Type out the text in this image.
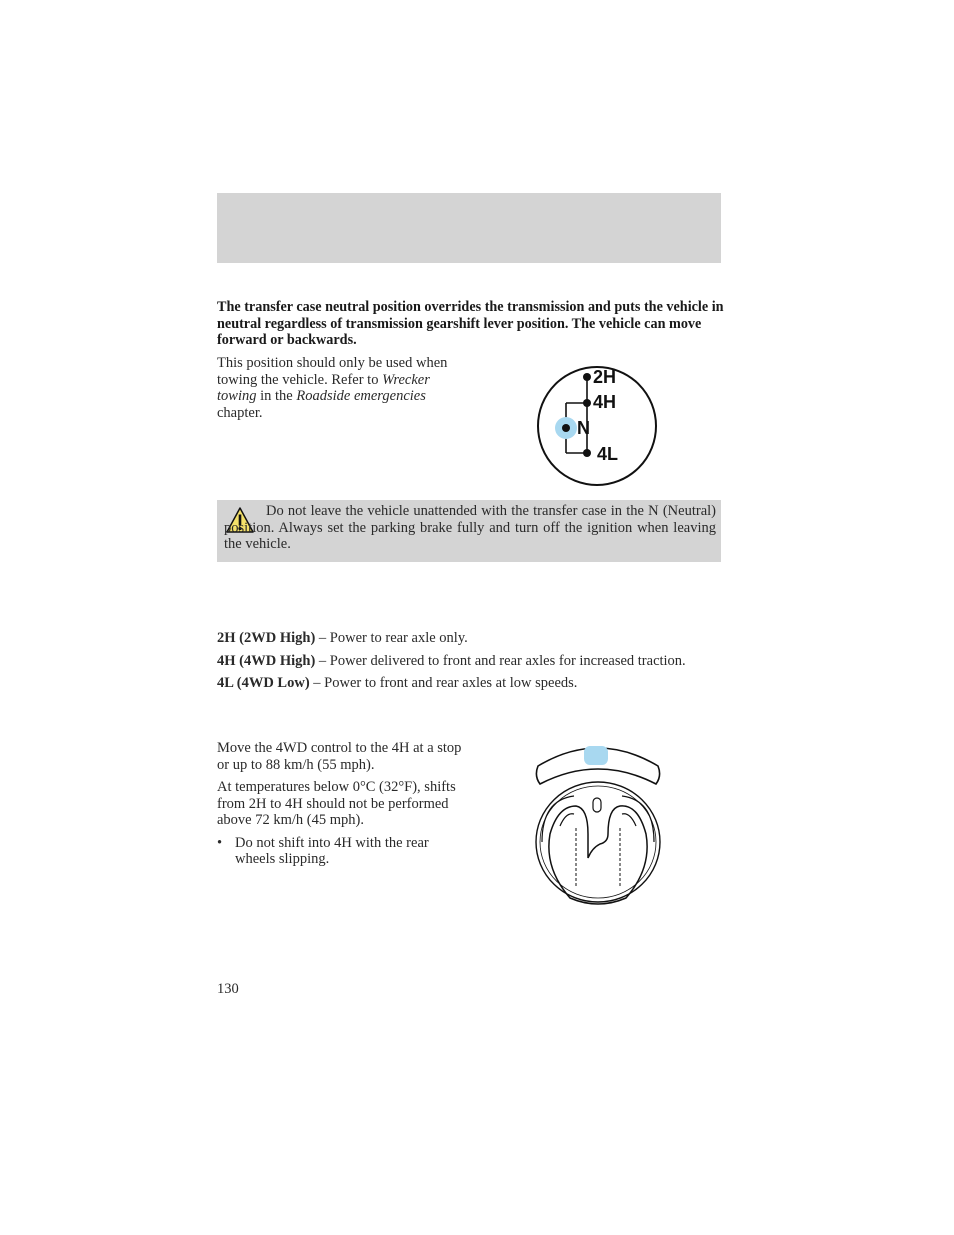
The transfer case neutral position overrides the transmission and puts the vehicle in neutral regardless of transmission gearshift lever position. The vehicle can move forward or backwards.
This position should only be used when towing the vehicle. Refer to Wrecker towing in the Roadside emergencies chapter.
2H
4H
N
4L
Do not leave the vehicle unattended with the transfer case in the N (Neutral) position. Always set the parking brake fully and turn off the ignition when leaving the vehicle.

2H (2WD High) – Power to rear axle only.

4H (4WD High) – Power delivered to front and rear axles for increased traction.

4L (4WD Low) – Power to front and rear axles at low speeds.

Move the 4WD control to the 4H at a stop or up to 88 km/h (55 mph).

At temperatures below 0°C (32°F), shifts from 2H to 4H should not be performed above 72 km/h (45 mph).

• Do not shift into 4H with the rear wheels slipping.
130
